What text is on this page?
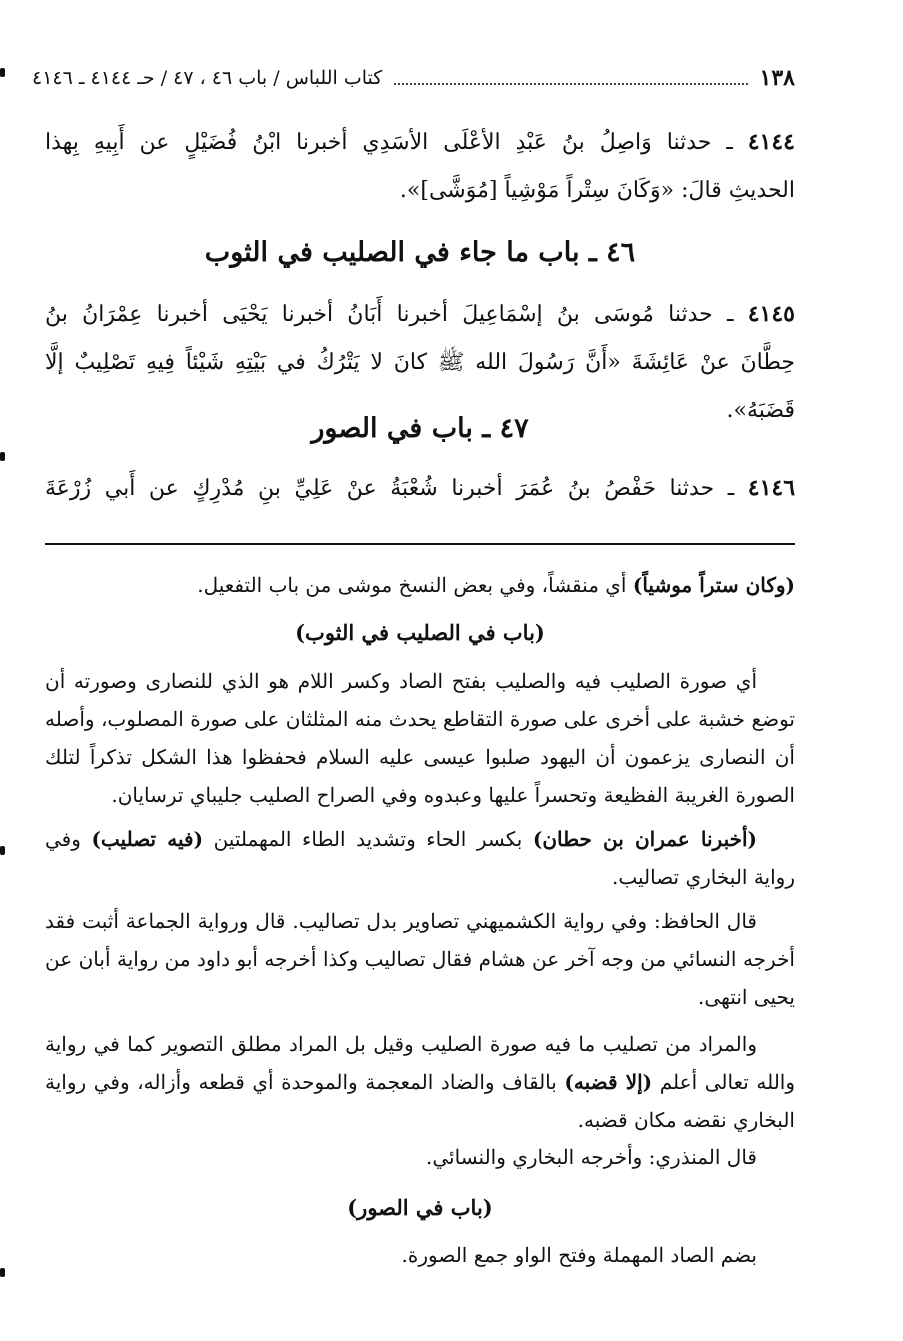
١٣٨
كتاب اللباس / باب ٤٦ ، ٤٧ / حـ ٤١٤٤ ـ ٤١٤٦
٤١٤٤ ـ حدثنا وَاصِلُ بنُ عَبْدِ الأعْلَى الأسَدِي أخبرنا ابْنُ فُضَيْلٍ عن أَبِيهِ بِهذا
الحديثِ قالَ: «وَكَانَ سِتْراً مَوْشِياً [مُوَشَّى]».
٤٦ ـ باب ما جاء في الصليب في الثوب
٤١٤٥ ـ حدثنا مُوسَى بنُ إسْمَاعِيلَ أخبرنا أَبَانُ أخبرنا يَحْيَى أخبرنا عِمْرَانُ بنُ
حِطَّانَ عنْ عَائِشَةَ «أَنَّ رَسُولَ الله ﷺ كانَ لا يَتْرُكُ في بَيْتِهِ شَيْئاً فِيهِ تَصْلِيبٌ إلَّا قَضَبَهُ».
٤٧ ـ باب في الصور
٤١٤٦ ـ حدثنا حَفْصُ بنُ عُمَرَ أخبرنا شُعْبَةُ عنْ عَلِيِّ بنِ مُدْرِكٍ عن أَبي زُرْعَةَ
(وكان ستراً موشياً) أي منقشاً، وفي بعض النسخ موشى من باب التفعيل.
(باب في الصليب في الثوب)
أي صورة الصليب فيه والصليب بفتح الصاد وكسر اللام هو الذي للنصارى وصورته أن توضع خشبة على أخرى على صورة التقاطع يحدث منه المثلثان على صورة المصلوب، وأصله أن النصارى يزعمون أن اليهود صلبوا عيسى عليه السلام فحفظوا هذا الشكل تذكراً لتلك الصورة الغريبة الفظيعة وتحسراً عليها وعبدوه وفي الصراح الصليب جليباي ترسايان.
(أخبرنا عمران بن حطان) بكسر الحاء وتشديد الطاء المهملتين (فيه تصليب) وفي رواية البخاري تصاليب.
قال الحافظ: وفي رواية الكشميهني تصاوير بدل تصاليب. قال ورواية الجماعة أثبت فقد أخرجه النسائي من وجه آخر عن هشام فقال تصاليب وكذا أخرجه أبو داود من رواية أبان عن يحيى انتهى.
والمراد من تصليب ما فيه صورة الصليب وقيل بل المراد مطلق التصوير كما في رواية والله تعالى أعلم (إلا قضبه) بالقاف والضاد المعجمة والموحدة أي قطعه وأزاله، وفي رواية البخاري نقضه مكان قضبه.
قال المنذري: وأخرجه البخاري والنسائي.
(باب في الصور)
بضم الصاد المهملة وفتح الواو جمع الصورة.
